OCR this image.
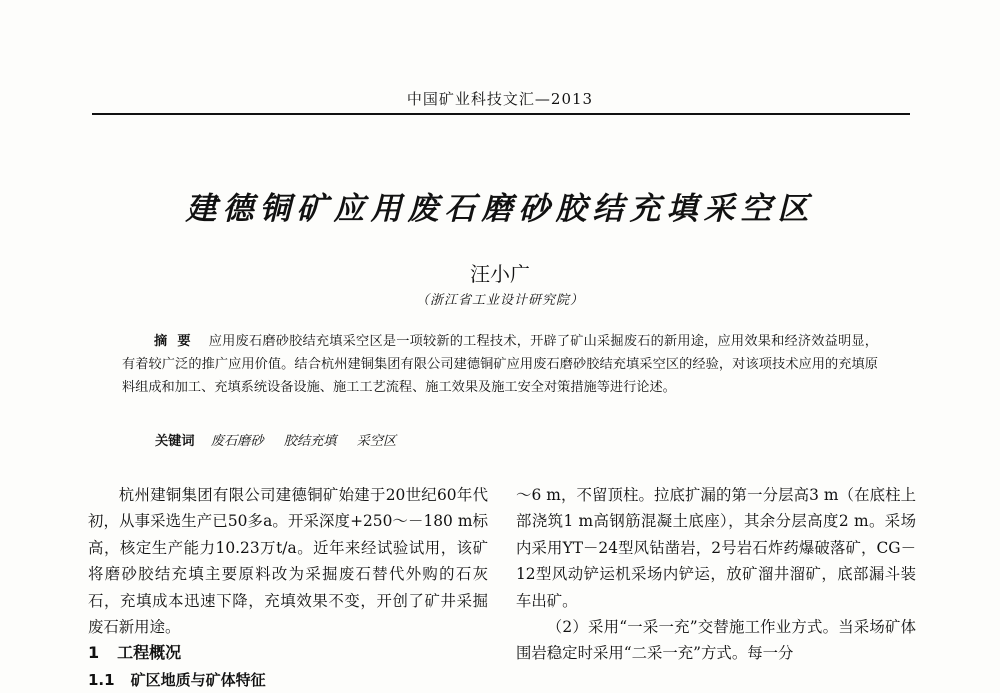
中国矿业科技文汇—2013
建德铜矿应用废石磨砂胶结充填采空区
汪小广
（浙江省工业设计研究院）
摘要 应用废石磨砂胶结充填采空区是一项较新的工程技术，开辟了矿山采掘废石的新用途，应用效果和经济效益明显，有着较广泛的推广应用价值。结合杭州建铜集团有限公司建德铜矿应用废石磨砂胶结充填采空区的经验，对该项技术应用的充填原料组成和加工、充填系统设备设施、施工工艺流程、施工效果及施工安全对策措施等进行论述。
关键词 废石磨砂 胶结充填 采空区

杭州建铜集团有限公司建德铜矿始建于20世纪60年代初，从事采选生产已50多a。开采深度+250～－180 m标高，核定生产能力10.23万t/a。近年来经试验试用，该矿将磨砂胶结充填主要原料改为采掘废石替代外购的石灰石，充填成本迅速下降，充填效果不变，开创了矿井采掘废石新用途。

1 工程概况

1.1 矿区地质与矿体特征

～6 m，不留顶柱。拉底扩漏的第一分层高3 m（在底柱上部浇筑1 m高钢筋混凝土底座），其余分层高度2 m。采场内采用YT－24型风钻凿岩，2号岩石炸药爆破落矿，CG－12型风动铲运机采场内铲运，放矿溜井溜矿，底部漏斗装车出矿。

（2）采用“一采一充”交替施工作业方式。当采场矿体围岩稳定时采用“二采一充”方式。每一分
